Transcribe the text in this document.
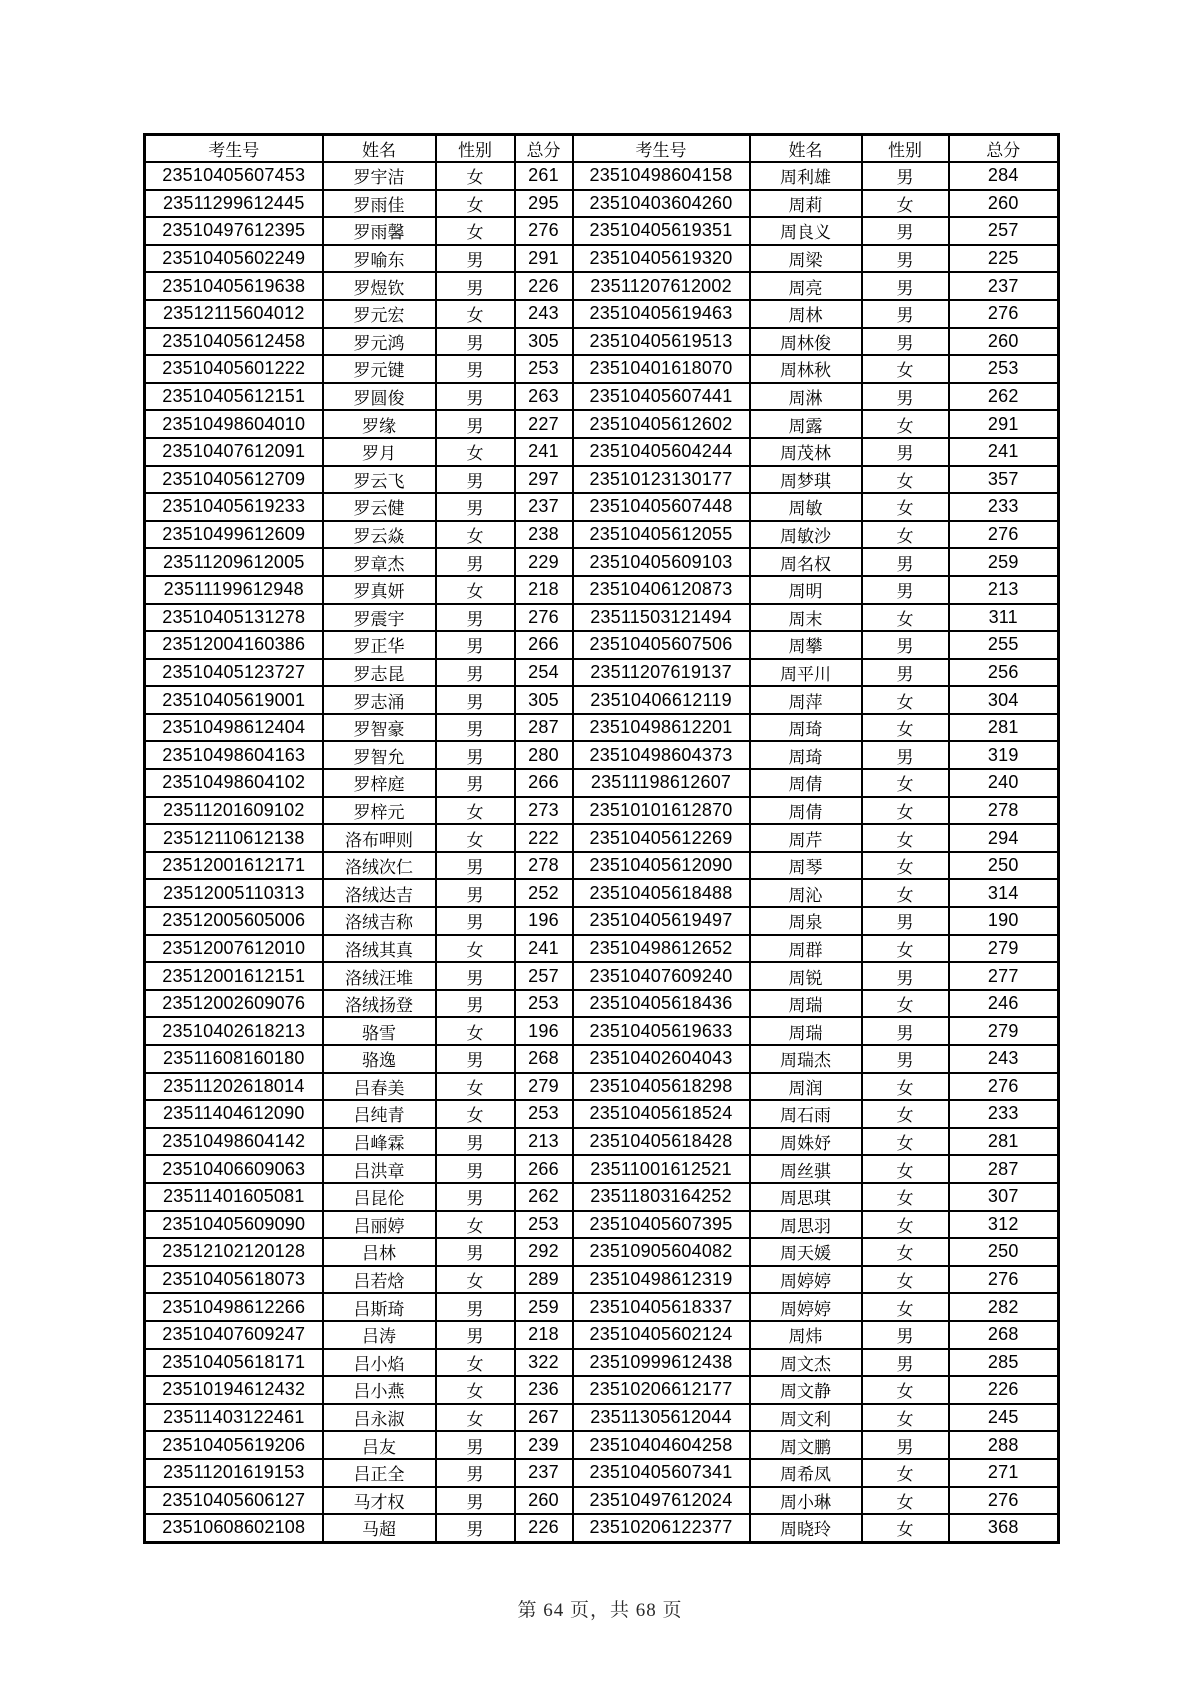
考生号	姓名	性别	总分	考生号	姓名	性别	总分
23510405607453	罗宇洁	女	261	23510498604158	周利雄	男	284
23511299612445	罗雨佳	女	295	23510403604260	周莉	女	260
23510497612395	罗雨馨	女	276	23510405619351	周良义	男	257
23510405602249	罗喻东	男	291	23510405619320	周梁	男	225
23510405619638	罗煜钦	男	226	23511207612002	周亮	男	237
23512115604012	罗元宏	女	243	23510405619463	周林	男	276
23510405612458	罗元鸿	男	305	23510405619513	周林俊	男	260
23510405601222	罗元键	男	253	23510401618070	周林秋	女	253
23510405612151	罗圆俊	男	263	23510405607441	周淋	男	262
23510498604010	罗缘	男	227	23510405612602	周露	女	291
23510407612091	罗月	女	241	23510405604244	周茂林	男	241
23510405612709	罗云飞	男	297	23510123130177	周梦琪	女	357
23510405619233	罗云健	男	237	23510405607448	周敏	女	233
23510499612609	罗云焱	女	238	23510405612055	周敏沙	女	276
23511209612005	罗章杰	男	229	23510405609103	周名权	男	259
23511199612948	罗真妍	女	218	23510406120873	周明	男	213
23510405131278	罗震宇	男	276	23511503121494	周末	女	311
23512004160386	罗正华	男	266	23510405607506	周攀	男	255
23510405123727	罗志昆	男	254	23511207619137	周平川	男	256
23510405619001	罗志涌	男	305	23510406612119	周萍	女	304
23510498612404	罗智豪	男	287	23510498612201	周琦	女	281
23510498604163	罗智允	男	280	23510498604373	周琦	男	319
23510498604102	罗梓庭	男	266	23511198612607	周倩	女	240
23511201609102	罗梓元	女	273	23510101612870	周倩	女	278
23512110612138	洛布呷则	女	222	23510405612269	周芹	女	294
23512001612171	洛绒次仁	男	278	23510405612090	周琴	女	250
23512005110313	洛绒达吉	男	252	23510405618488	周沁	女	314
23512005605006	洛绒吉称	男	196	23510405619497	周泉	男	190
23512007612010	洛绒其真	女	241	23510498612652	周群	女	279
23512001612151	洛绒汪堆	男	257	23510407609240	周锐	男	277
23512002609076	洛绒扬登	男	253	23510405618436	周瑞	女	246
23510402618213	骆雪	女	196	23510405619633	周瑞	男	279
23511608160180	骆逸	男	268	23510402604043	周瑞杰	男	243
23511202618014	吕春美	女	279	23510405618298	周润	女	276
23511404612090	吕纯青	女	253	23510405618524	周石雨	女	233
23510498604142	吕峰霖	男	213	23510405618428	周姝妤	女	281
23510406609063	吕洪章	男	266	23511001612521	周丝骐	女	287
23511401605081	吕昆伦	男	262	23511803164252	周思琪	女	307
23510405609090	吕丽婷	女	253	23510405607395	周思羽	女	312
23512102120128	吕林	男	292	23510905604082	周天媛	女	250
23510405618073	吕若焓	女	289	23510498612319	周婷婷	女	276
23510498612266	吕斯琦	男	259	23510405618337	周婷婷	女	282
23510407609247	吕涛	男	218	23510405602124	周炜	男	268
23510405618171	吕小焰	女	322	23510999612438	周文杰	男	285
23510194612432	吕小燕	女	236	23510206612177	周文静	女	226
23511403122461	吕永淑	女	267	23511305612044	周文利	女	245
23510405619206	吕友	男	239	23510404604258	周文鹏	男	288
23511201619153	吕正全	男	237	23510405607341	周希凤	女	271
23510405606127	马才权	男	260	23510497612024	周小琳	女	276
23510608602108	马超	男	226	23510206122377	周晓玲	女	368
第 64 页，共 68 页
